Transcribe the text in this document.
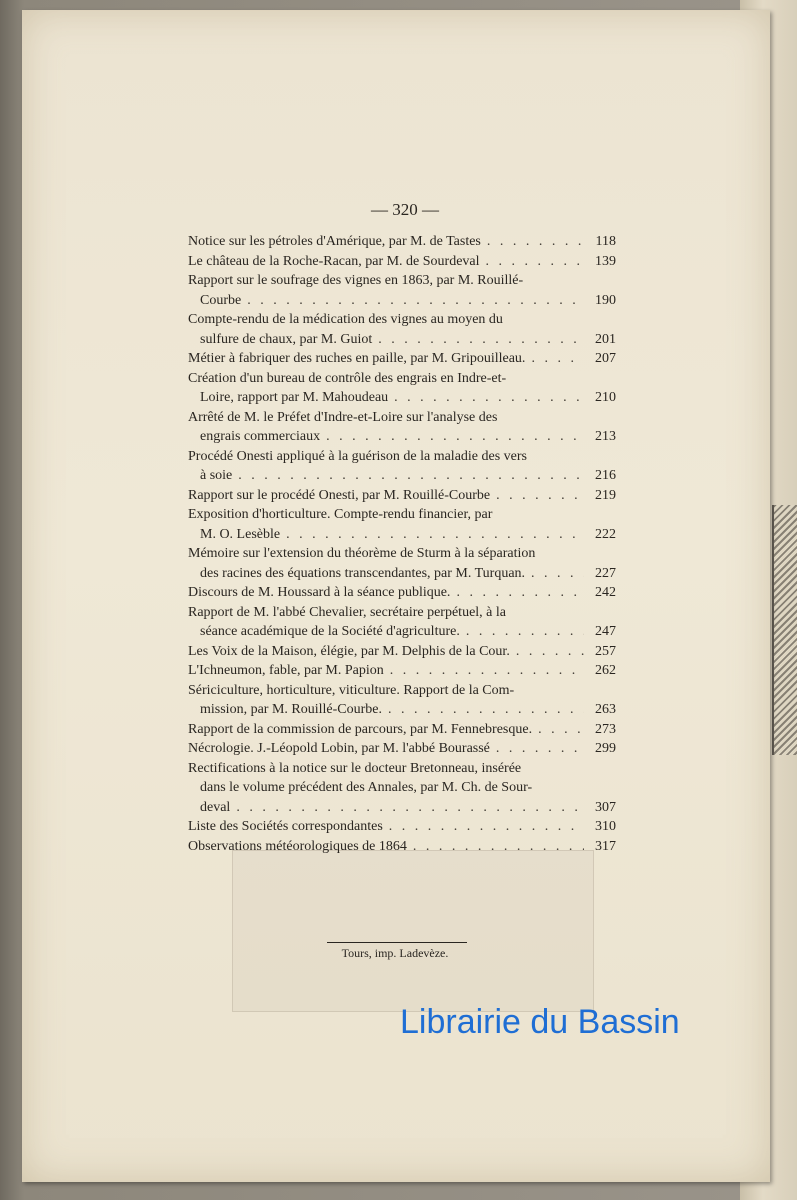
— 320 —
Notice sur les pétroles d'Amérique, par M. de Tastes . . .	118
Le château de la Roche-Racan, par M. de Sourdeval . . .	139
Rapport sur le soufrage des vignes en 1863, par M. Rouillé-
Courbe . . .	190
Compte-rendu de la médication des vignes au moyen du
sulfure de chaux, par M. Guiot . . .	201
Métier à fabriquer des ruches en paille, par M. Gripouilleau. . . .	207
Création d'un bureau de contrôle des engrais en Indre-et-
Loire, rapport par M. Mahoudeau . . .	210
Arrêté de M. le Préfet d'Indre-et-Loire sur l'analyse des
engrais commerciaux . . .	213
Procédé Onesti appliqué à la guérison de la maladie des vers
à soie . . .	216
Rapport sur le procédé Onesti, par M. Rouillé-Courbe . . .	219
Exposition d'horticulture. Compte-rendu financier, par
M. O. Lesèble . . .	222
Mémoire sur l'extension du théorème de Sturm à la séparation
des racines des équations transcendantes, par M. Turquan. . . .	227
Discours de M. Houssard à la séance publique. . . .	242
Rapport de M. l'abbé Chevalier, secrétaire perpétuel, à la
séance académique de la Société d'agriculture. . . .	247
Les Voix de la Maison, élégie, par M. Delphis de la Cour. . . .	257
L'Ichneumon, fable, par M. Papion . . .	262
Sériciculture, horticulture, viticulture. Rapport de la Com-
mission, par M. Rouillé-Courbe. . . .	263
Rapport de la commission de parcours, par M. Fennebresque. . . .	273
Nécrologie. J.-Léopold Lobin, par M. l'abbé Bourassé . . .	299
Rectifications à la notice sur le docteur Bretonneau, insérée
dans le volume précédent des Annales, par M. Ch. de Sour-
deval . . .	307
Liste des Sociétés correspondantes . . .	310
Observations météorologiques de 1864 . . .	317
Tours, imp. Ladevèze.
Librairie du Bassin
